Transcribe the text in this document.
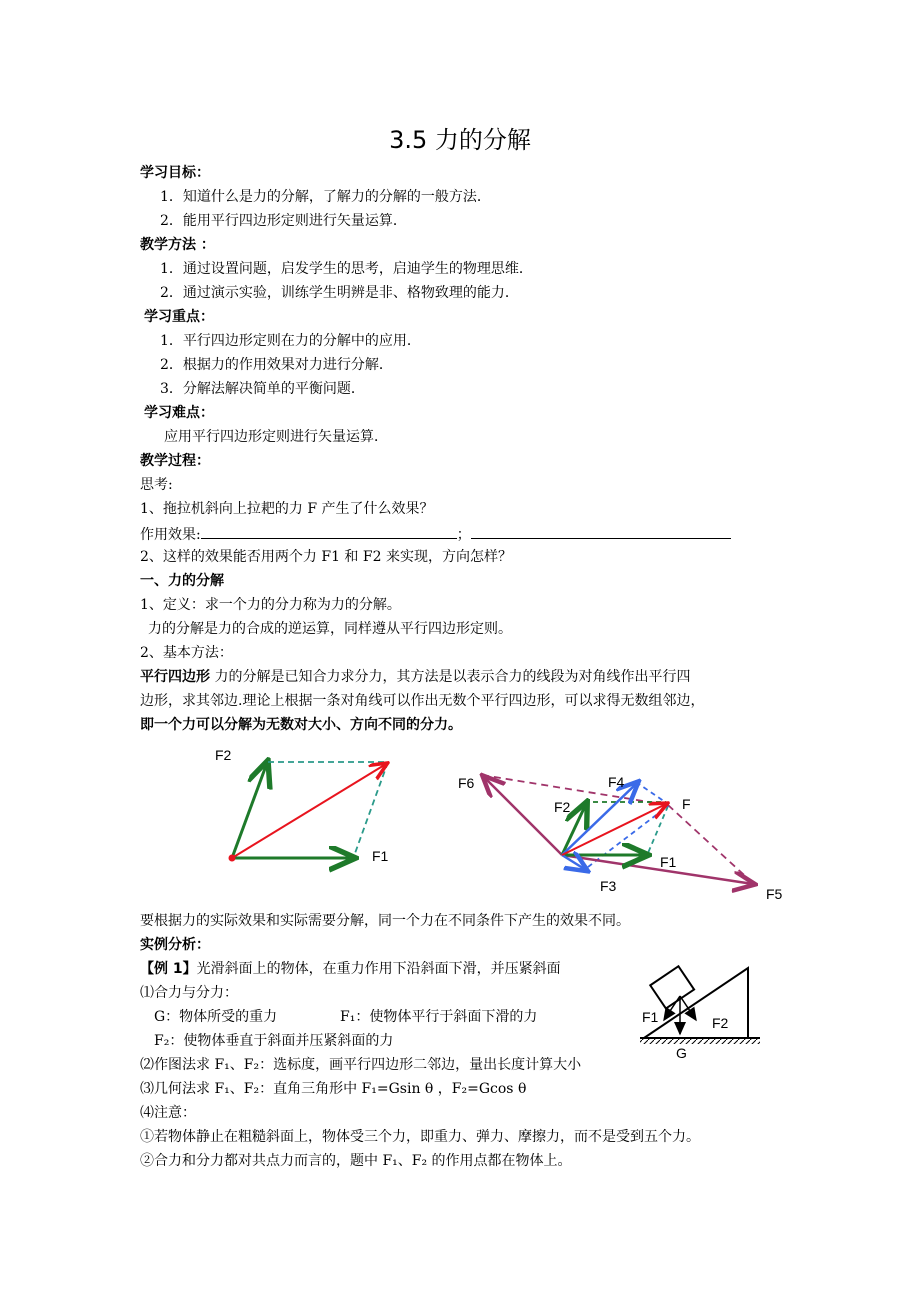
3.5 力的分解
学习目标：
1．知道什么是力的分解，了解力的分解的一般方法．
2．能用平行四边形定则进行矢量运算．
教学方法 ：
1．通过设置问题，启发学生的思考，启迪学生的物理思维．
2．通过演示实验，训练学生明辨是非、格物致理的能力．
学习重点：
1．平行四边形定则在力的分解中的应用．
2．根据力的作用效果对力进行分解．
3．分解法解决简单的平衡问题．
学习难点：
应用平行四边形定则进行矢量运算．
教学过程：
思考:
1、拖拉机斜向上拉耙的力 F 产生了什么效果？
作用效果:	；
2、这样的效果能否用两个力 F1 和 F2 来实现，方向怎样？
一、力的分解
1、定义：求一个力的分力称为力的分解。
力的分解是力的合成的逆运算，同样遵从平行四边形定则。
2、基本方法：
平行四边形 力的分解是已知合力求分力，其方法是以表示合力的线段为对角线作出平行四
边形，求其邻边.理论上根据一条对角线可以作出无数个平行四边形，可以求得无数组邻边，
即一个力可以分解为无数对大小、方向不同的分力。
F2
F1
F6	F4
F2	F
F1
F3	F5
要根据力的实际效果和实际需要分解，同一个力在不同条件下产生的效果不同。
实例分析：
【例 1】光滑斜面上的物体，在重力作用下沿斜面下滑，并压紧斜面
⑴合力与分力：
G：物体所受的重力	F₁：使物体平行于斜面下滑的力
F₂：使物体垂直于斜面并压紧斜面的力
⑵作图法求 F₁、F₂：选标度，画平行四边形二邻边，量出长度计算大小
⑶几何法求 F₁、F₂：直角三角形中 F₁=Gsin θ ，F₂=Gcos θ
⑷注意：
①若物体静止在粗糙斜面上，物体受三个力，即重力、弹力、摩擦力，而不是受到五个力。
②合力和分力都对共点力而言的，题中 F₁、F₂ 的作用点都在物体上。
F1	F2
G
